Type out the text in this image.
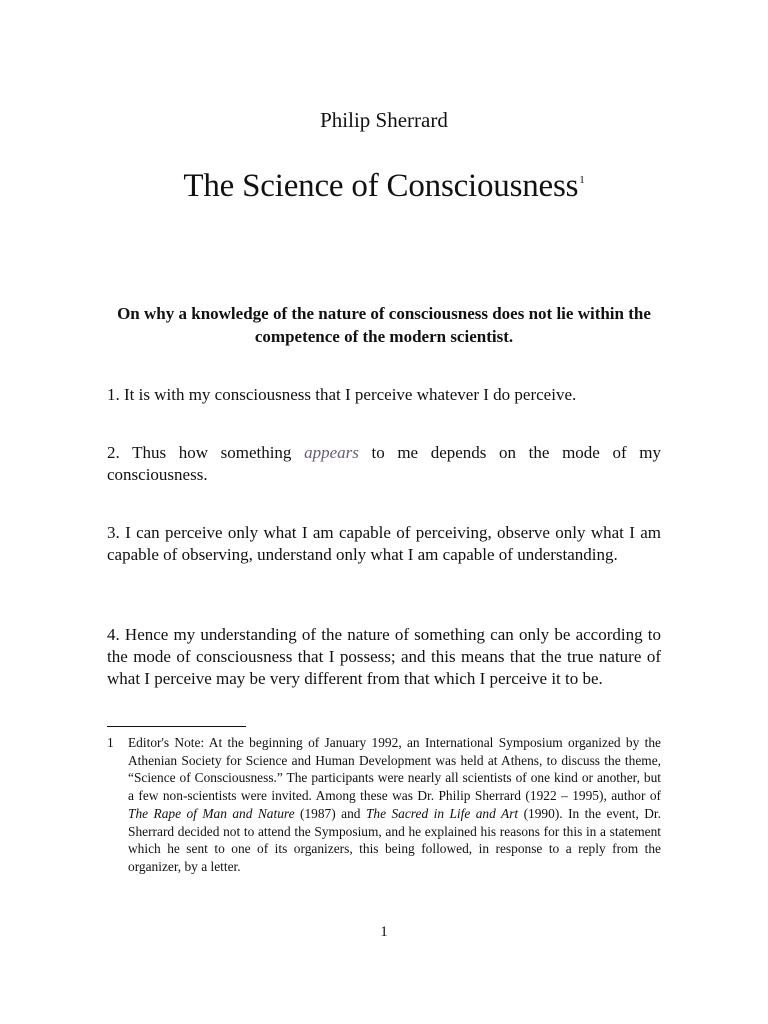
Philip Sherrard
The Science of Consciousness$^1$
On why a knowledge of the nature of consciousness does not lie within the competence of the modern scientist.

1. It is with my consciousness that I perceive whatever I do perceive.

2. Thus how something appears to me depends on the mode of my consciousness.

3. I can perceive only what I am capable of perceiving, observe only what I am capable of observing, understand only what I am capable of understanding.

4. Hence my understanding of the nature of something can only be according to the mode of consciousness that I possess; and this means that the true nature of what I perceive may be very different from that which I perceive it to be.

1 Editor's Note: At the beginning of January 1992, an International Symposium organized by the Athenian Society for Science and Human Development was held at Athens, to discuss the theme, “Science of Consciousness.” The participants were nearly all scientists of one kind or another, but a few non-scientists were invited. Among these was Dr. Philip Sherrard (1922 – 1995), author of The Rape of Man and Nature (1987) and The Sacred in Life and Art (1990). In the event, Dr. Sherrard decided not to attend the Symposium, and he explained his reasons for this in a statement which he sent to one of its organizers, this being followed, in response to a reply from the organizer, by a letter.
1
